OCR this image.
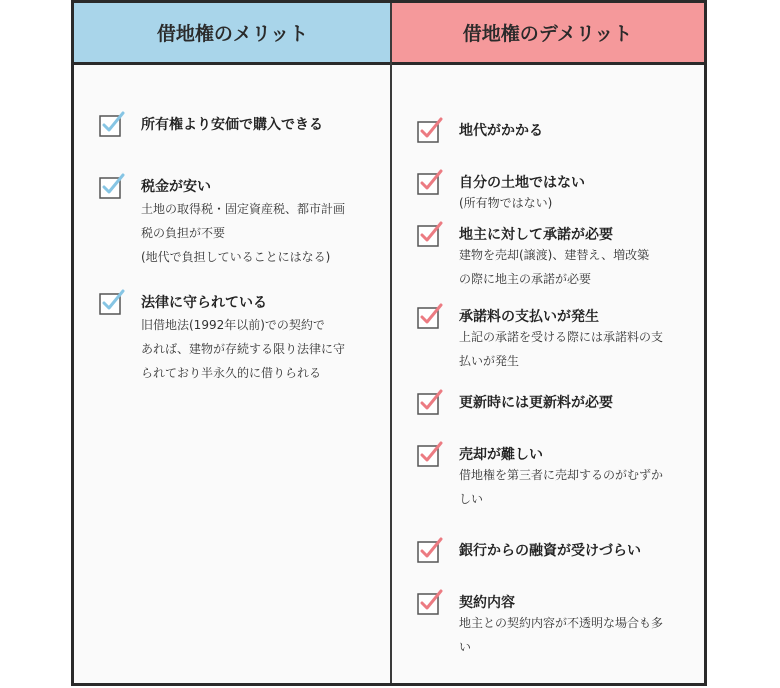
借地権のメリット	借地権のデメリット
所有権より安価で購入できる
税金が安い
土地の取得税・固定資産税、都市計画
税の負担が不要
(地代で負担していることにはなる)
法律に守られている
旧借地法(1992年以前)での契約で
あれば、建物が存続する限り法律に守
られており半永久的に借りられる
地代がかかる
自分の土地ではない
(所有物ではない)
地主に対して承諾が必要
建物を売却(譲渡)、建替え、増改築
の際に地主の承諾が必要
承諾料の支払いが発生
上記の承諾を受ける際には承諾料の支
払いが発生
更新時には更新料が必要
売却が難しい
借地権を第三者に売却するのがむずか
しい
銀行からの融資が受けづらい
契約内容
地主との契約内容が不透明な場合も多
い
